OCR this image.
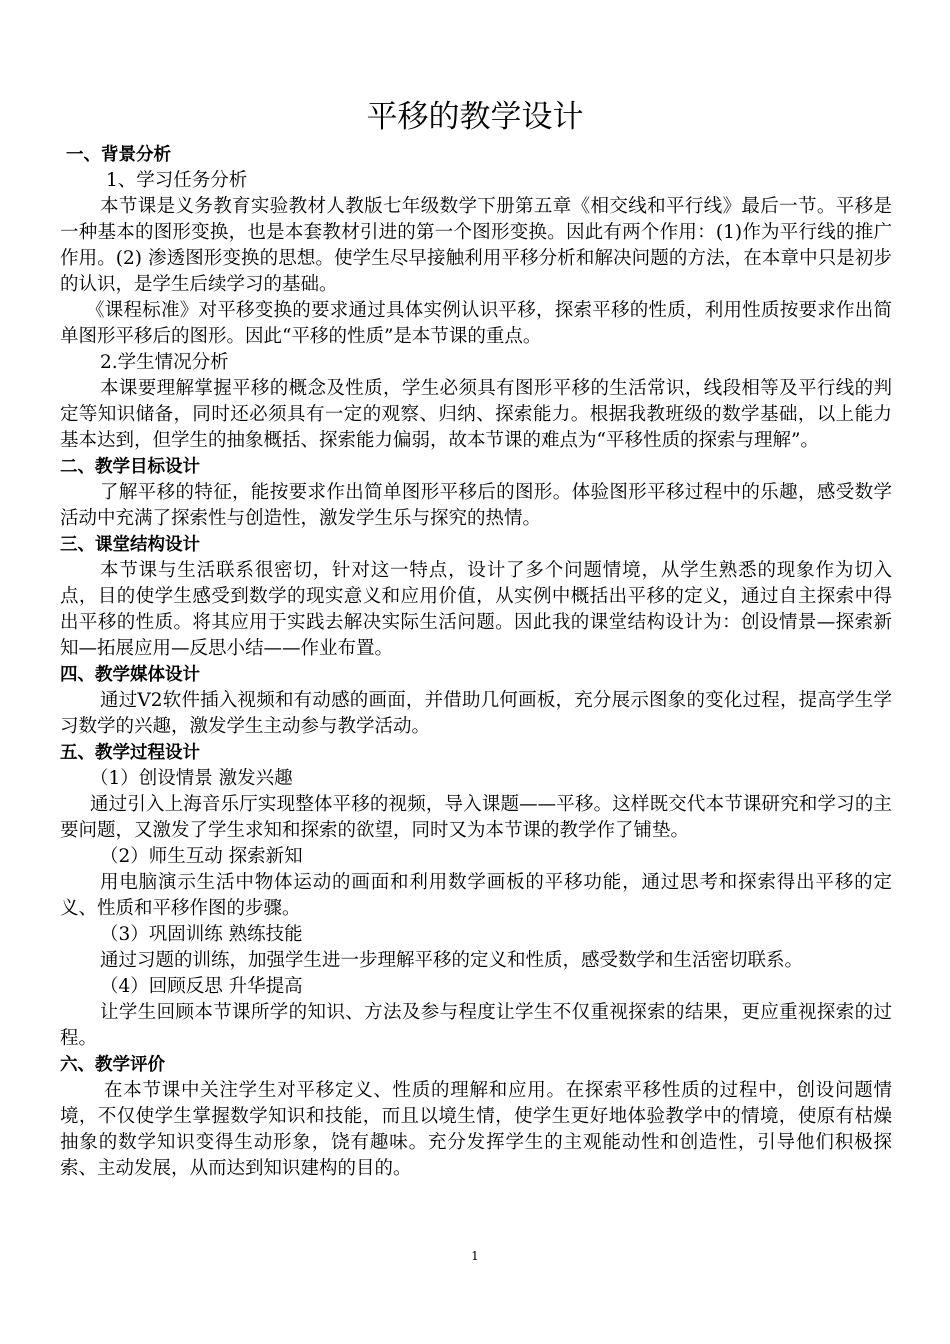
平移的教学设计
一、背景分析
1、学习任务分析

本节课是义务教育实验教材人教版七年级数学下册第五章《相交线和平行线》最后一节。平移是一种基本的图形变换，也是本套教材引进的第一个图形变换。因此有两个作用：(1)作为平行线的推广作用。(2) 渗透图形变换的思想。使学生尽早接触利用平移分析和解决问题的方法，在本章中只是初步的认识，是学生后续学习的基础。

《课程标准》对平移变换的要求通过具体实例认识平移，探索平移的性质，利用性质按要求作出简单图形平移后的图形。因此“平移的性质”是本节课的重点。

2.学生情况分析

本课要理解掌握平移的概念及性质，学生必须具有图形平移的生活常识，线段相等及平行线的判定等知识储备，同时还必须具有一定的观察、归纳、探索能力。根据我教班级的数学基础，以上能力基本达到，但学生的抽象概括、探索能力偏弱，故本节课的难点为“平移性质的探索与理解”。

二、教学目标设计

了解平移的特征，能按要求作出简单图形平移后的图形。体验图形平移过程中的乐趣，感受数学活动中充满了探索性与创造性，激发学生乐与探究的热情。

三、课堂结构设计

本节课与生活联系很密切，针对这一特点，设计了多个问题情境，从学生熟悉的现象作为切入点，目的使学生感受到数学的现实意义和应用价值，从实例中概括出平移的定义，通过自主探索中得出平移的性质。将其应用于实践去解决实际生活问题。因此我的课堂结构设计为：创设情景—探索新知—拓展应用—反思小结——作业布置。

四、教学媒体设计

通过V2软件插入视频和有动感的画面，并借助几何画板，充分展示图象的变化过程，提高学生学习数学的兴趣，激发学生主动参与教学活动。

五、教学过程设计
（1）创设情景 激发兴趣

通过引入上海音乐厅实现整体平移的视频，导入课题——平移。这样既交代本节课研究和学习的主要问题，又激发了学生求知和探索的欲望，同时又为本节课的教学作了铺垫。

（2）师生互动 探索新知

用电脑演示生活中物体运动的画面和利用数学画板的平移功能，通过思考和探索得出平移的定义、性质和平移作图的步骤。

（3）巩固训练 熟练技能

通过习题的训练，加强学生进一步理解平移的定义和性质，感受数学和生活密切联系。

（4）回顾反思 升华提高

让学生回顾本节课所学的知识、方法及参与程度让学生不仅重视探索的结果，更应重视探索的过程。

六、教学评价

在本节课中关注学生对平移定义、性质的理解和应用。在探索平移性质的过程中，创设问题情境，不仅使学生掌握数学知识和技能，而且以境生情，使学生更好地体验教学中的情境，使原有枯燥抽象的数学知识变得生动形象，饶有趣味。充分发挥学生的主观能动性和创造性，引导他们积极探索、主动发展，从而达到知识建构的目的。

1
